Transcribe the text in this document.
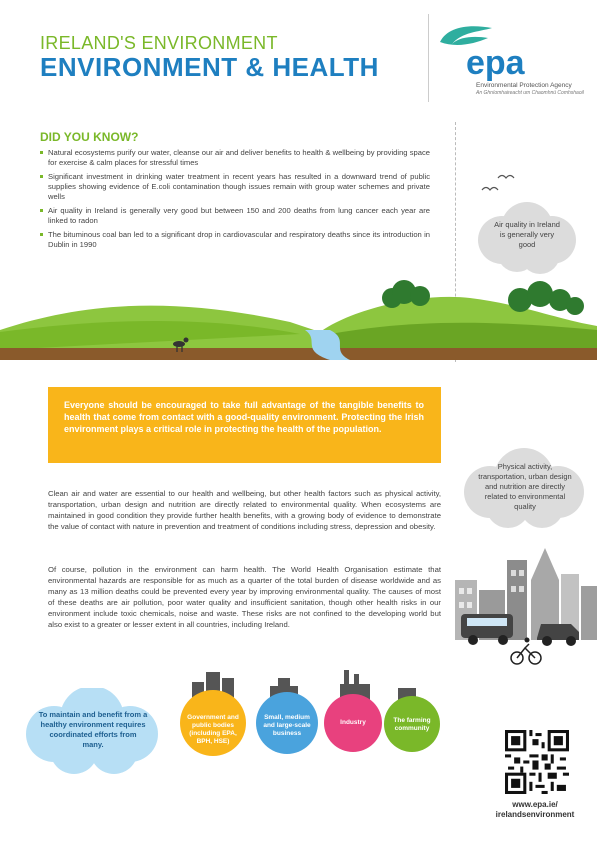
IRELAND'S ENVIRONMENT
ENVIRONMENT & HEALTH	epa
Environmental Protection Agency
An Ghníomhaireacht um Chaomhnú Comhshaoil
DID YOU KNOW?
Natural ecosystems purify our water, cleanse our air and deliver benefits to health & wellbeing by providing space for exercise & calm places for stressful times
Significant investment in drinking water treatment in recent years has resulted in a downward trend of public supplies showing evidence of E.coli contamination though issues remain with group water schemes and private wells
Air quality in Ireland is generally very good but between 150 and 200 deaths from lung cancer each year are linked to radon
The bituminous coal ban led to a significant drop in cardiovascular and respiratory deaths since its introduction in Dublin in 1990
Air quality in Ireland is generally very good
Everyone should be encouraged to take full advantage of the tangible benefits to health that come from contact with a good-quality environment. Protecting the Irish environment plays a critical role in protecting the health of the population.
Physical activity, transportation, urban design and nutrition are directly related to environmental quality

Clean air and water are essential to our health and wellbeing, but other health factors such as physical activity, transportation, urban design and nutrition are directly related to environmental quality. When ecosystems are maintained in good condition they provide further health benefits, with a growing body of evidence to demonstrate the value of contact with nature in prevention and treatment of conditions including stress, depression and obesity.

Of course, pollution in the environment can harm health. The World Health Organisation estimate that environmental hazards are responsible for as much as a quarter of the total burden of disease worldwide and as many as 13 million deaths could be prevented every year by improving environmental quality. The causes of most of these deaths are air pollution, poor water quality and insufficient sanitation, though other health risks in our environment include toxic chemicals, noise and waste. These risks are not confined to the developing world but also exist to a greater or lesser extent in all countries, including Ireland.

To maintain and benefit from a healthy environment requires coordinated efforts from many.
Government and public bodies (including EPA, BPH, HSE)
Small, medium and large-scale business
Industry	The farming community
www.epa.ie/
irelandsenvironment
